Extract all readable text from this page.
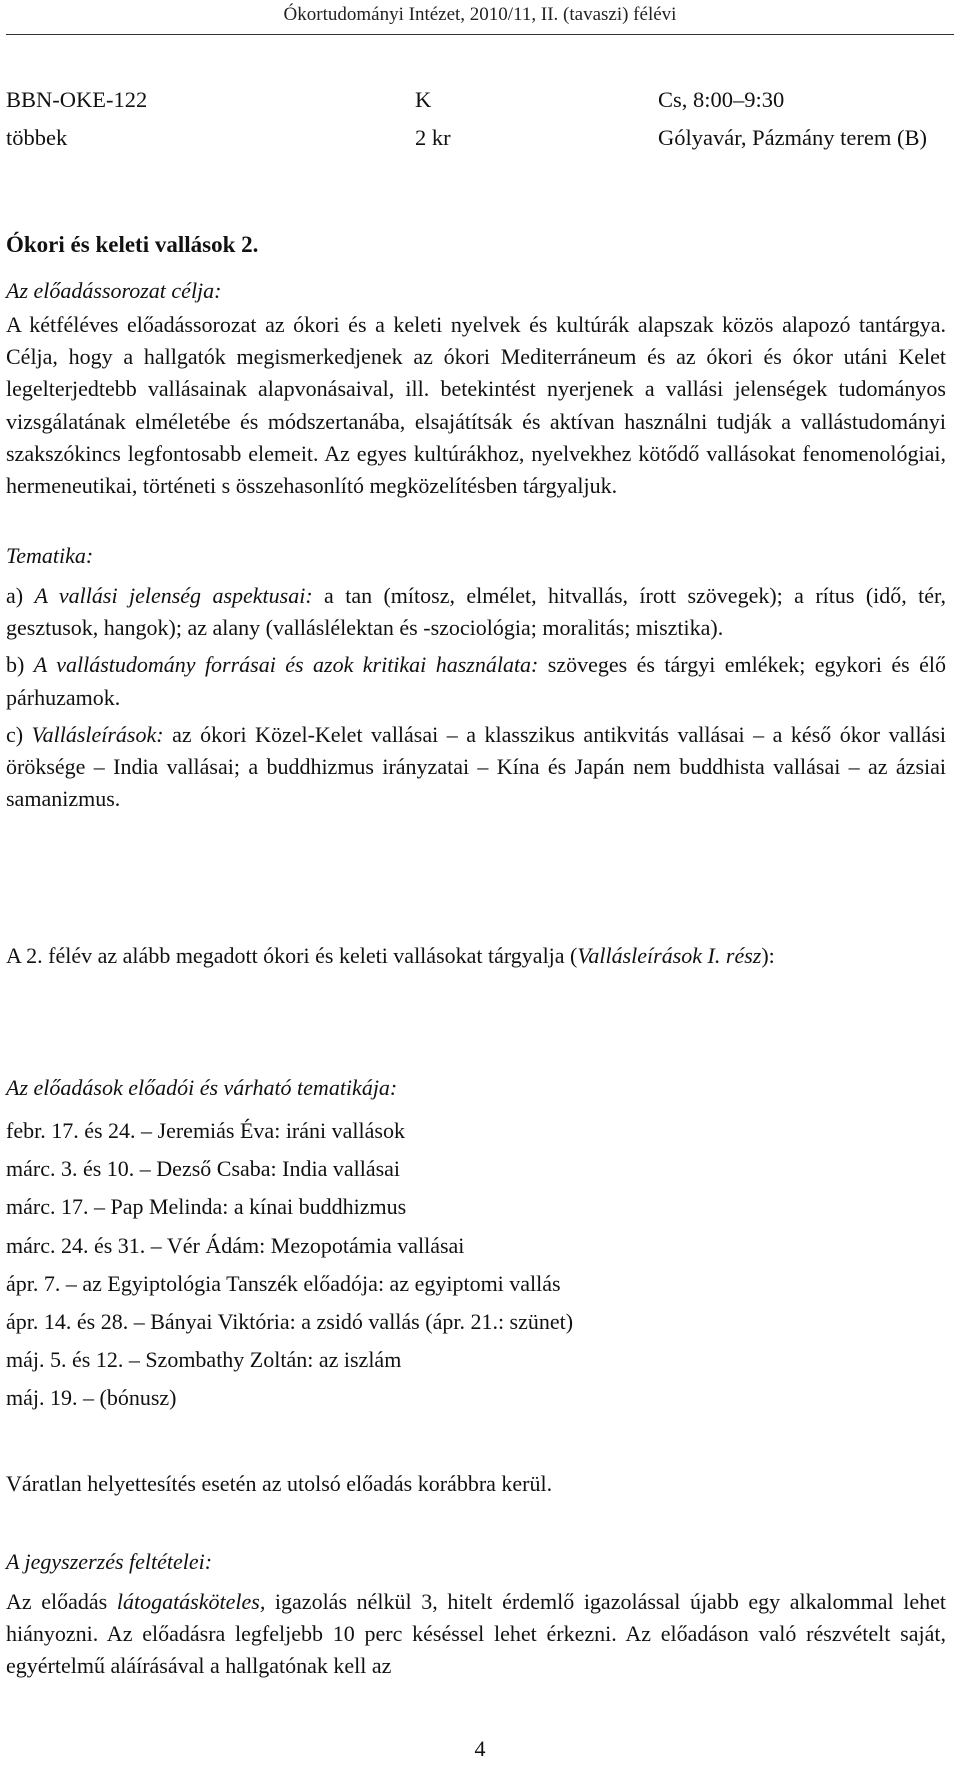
Ókortudományi Intézet, 2010/11, II. (tavaszi) félévi
BBN-OKE-122	K	Cs, 8:00–9:30
többek	2 kr	Gólyavár, Pázmány terem (B)
Ókori és keleti vallások 2.
Az előadássorozat célja:

A kétféléves előadássorozat az ókori és a keleti nyelvek és kultúrák alapszak közös alapozó tantárgya. Célja, hogy a hallgatók megismerkedjenek az ókori Mediterráneum és az ókori és ókor utáni Kelet legelterjedtebb vallásainak alapvonásaival, ill. betekintést nyerjenek a vallási jelenségek tudományos vizsgálatának elméletébe és módszertanába, elsajátítsák és aktívan használni tudják a vallástudományi szakszókincs legfontosabb elemeit. Az egyes kultúrákhoz, nyelvekhez kötődő vallásokat fenomenológiai, hermeneutikai, történeti s összehasonlító megközelítésben tárgyaljuk.

Tematika:

a) A vallási jelenség aspektusai: a tan (mítosz, elmélet, hitvallás, írott szövegek); a rítus (idő, tér, gesztusok, hangok); az alany (valláslélektan és -szociológia; moralitás; misztika).

b) A vallástudomány forrásai és azok kritikai használata: szöveges és tárgyi emlékek; egykori és élő párhuzamok.

c) Vallásleírások: az ókori Közel-Kelet vallásai – a klasszikus antikvitás vallásai – a késő ókor vallási öröksége – India vallásai; a buddhizmus irányzatai – Kína és Japán nem buddhista vallásai – az ázsiai samanizmus.

A 2. félév az alább megadott ókori és keleti vallásokat tárgyalja (Vallásleírások I. rész):

Az előadások előadói és várható tematikája:
febr. 17. és 24. – Jeremiás Éva: iráni vallások
márc. 3. és 10. – Dezső Csaba: India vallásai
márc. 17. – Pap Melinda: a kínai buddhizmus
márc. 24. és 31. – Vér Ádám: Mezopotámia vallásai
ápr. 7. – az Egyiptológia Tanszék előadója: az egyiptomi vallás
ápr. 14. és 28. – Bányai Viktória: a zsidó vallás (ápr. 21.: szünet)
máj. 5. és 12. – Szombathy Zoltán: az iszlám
máj. 19. – (bónusz)

Váratlan helyettesítés esetén az utolsó előadás korábbra kerül.

A jegyszerzés feltételei:

Az előadás látogatásköteles, igazolás nélkül 3, hitelt érdemlő igazolással újabb egy alkalommal lehet hiányozni. Az előadásra legfeljebb 10 perc késéssel lehet érkezni. Az előadáson való részvételt saját, egyértelmű aláírásával a hallgatónak kell az

4
